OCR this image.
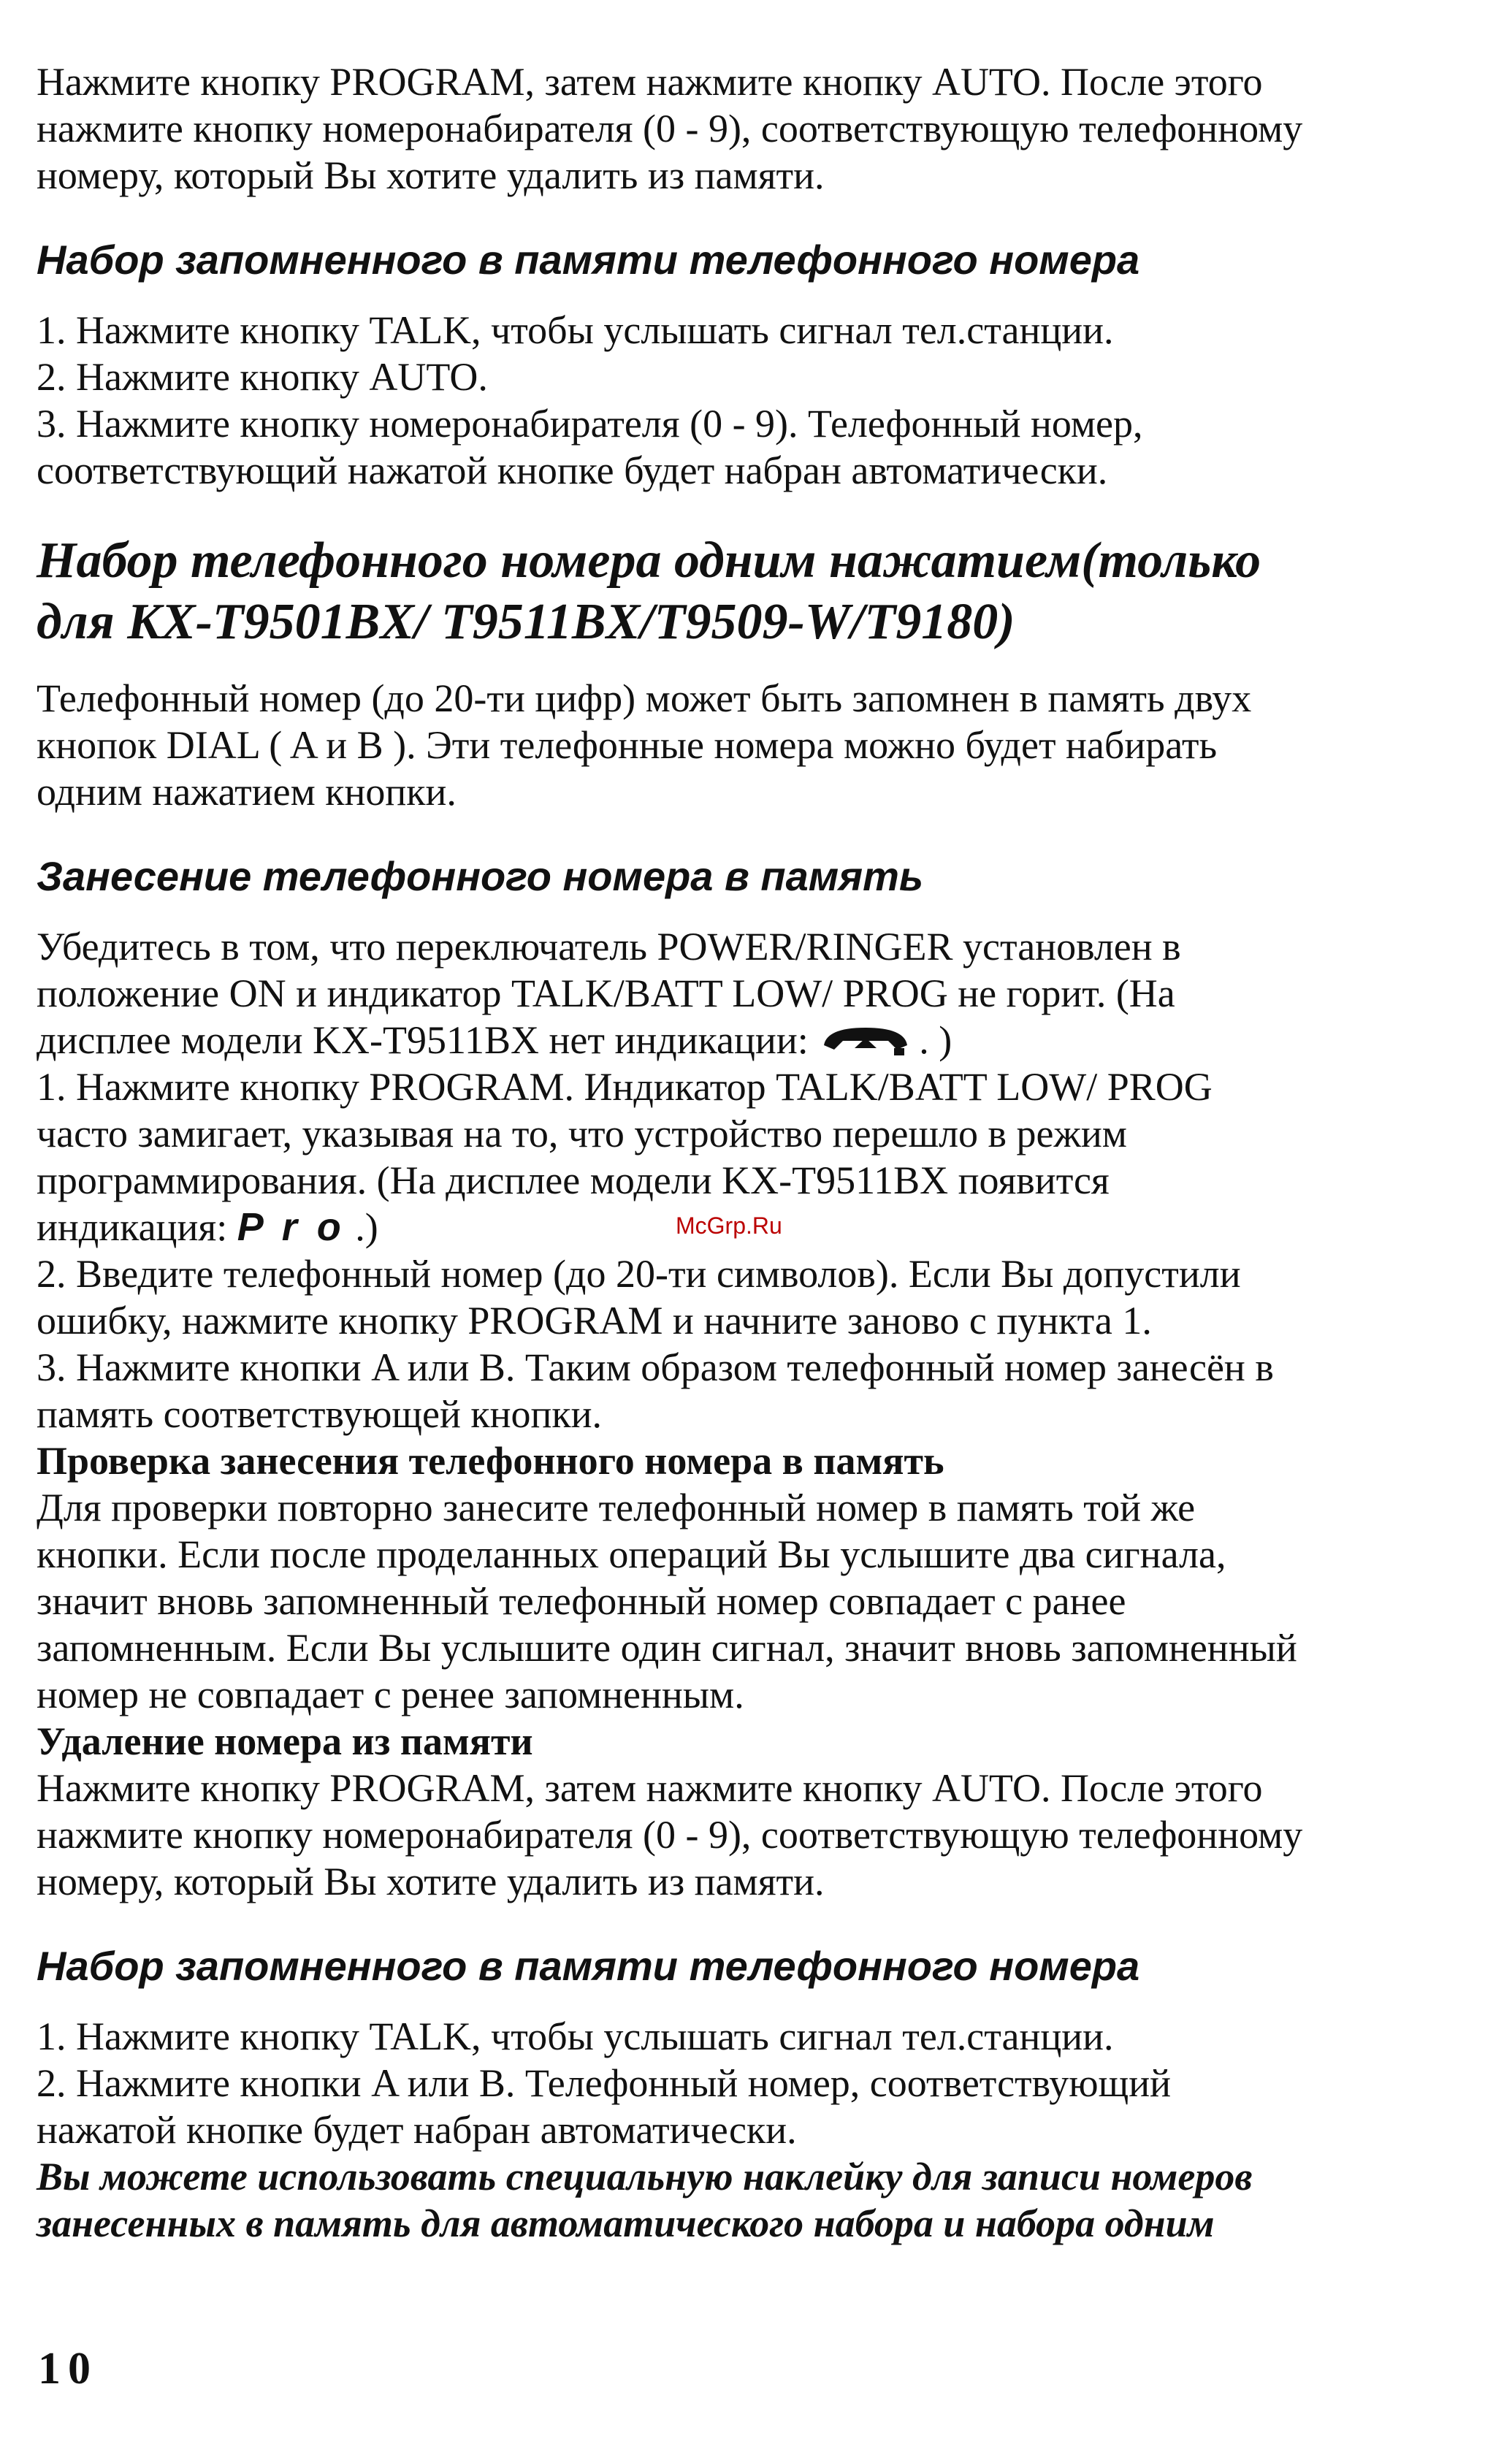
Нажмите кнопку PROGRAM, затем нажмите кнопку AUTO. После этого
нажмите кнопку номеронабирателя (0 - 9), соответствующую телефонному
номеру, который Вы хотите удалить из памяти.
Набор запомненного в памяти телефонного номера
1. Нажмите кнопку TALK, чтобы услышать сигнал тел.станции.
2. Нажмите кнопку AUTO.
3. Нажмите кнопку номеронабирателя (0 - 9). Телефонный номер,
соответствующий нажатой кнопке будет набран автоматически.
Набор телефонного номера одним нажатием(только
для KX-T9501BX/ T9511BX/T9509-W/T9180)
Телефонный номер (до 20-ти цифр) может быть запомнен в память двух
кнопок DIAL ( A и B ). Эти телефонные номера можно будет набирать
одним нажатием кнопки.
Занесение телефонного номера в память
Убедитесь в том, что переключатель POWER/RINGER установлен в
положение ON и индикатор TALK/BATT LOW/ PROG не горит. (На
дисплее модели KX-T9511BX нет индикации:	. )
1. Нажмите кнопку PROGRAM. Индикатор TALK/BATT LOW/ PROG
часто замигает, указывая на то, что устройство перешло в режим
программирования. (На дисплее модели KX-T9511BX появится
индикация: P r o .)
2. Введите телефонный номер (до 20-ти символов). Если Вы допустили
ошибку, нажмите кнопку PROGRAM и начните заново с пункта 1.
3. Нажмите кнопки A или B. Таким образом телефонный номер занесён в
память соответствующей кнопки.
Проверка занесения телефонного номера в память
Для проверки повторно занесите телефонный номер в память той же
кнопки. Если после проделанных операций Вы услышите два сигнала,
значит вновь запомненный телефонный номер совпадает с ранее
запомненным. Если Вы услышите один сигнал, значит вновь запомненный
номер не совпадает с ренее запомненным.
Удаление номера из памяти
Нажмите кнопку PROGRAM, затем нажмите кнопку AUTO. После этого
нажмите кнопку номеронабирателя (0 - 9), соответствующую телефонному
номеру, который Вы хотите удалить из памяти.
Набор запомненного в памяти телефонного номера
1. Нажмите кнопку TALK, чтобы услышать сигнал тел.станции.
2. Нажмите кнопки A или B. Телефонный номер, соответствующий
нажатой кнопке будет набран автоматически.
Вы можете использовать специальную наклейку для записи номеров
занесенных в память для автоматического набора и набора одним
McGrp.Ru
10
